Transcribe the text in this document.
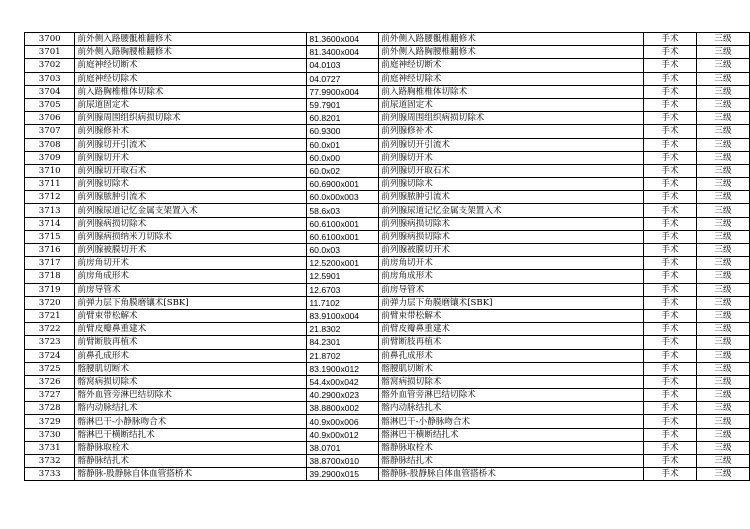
3700	前外侧入路腰骶椎翻修术	81.3600x004	前外侧入路腰骶椎翻修术	手术	三级
3701	前外侧入路胸腰椎翻修术	81.3400x004	前外侧入路胸腰椎翻修术	手术	三级
3702	前庭神经切断术	04.0103	前庭神经切断术	手术	三级
3703	前庭神经切除术	04.0727	前庭神经切除术	手术	三级
3704	前入路胸椎椎体切除术	77.9900x004	前入路胸椎椎体切除术	手术	三级
3705	前尿道固定术	59.7901	前尿道固定术	手术	三级
3706	前列腺周围组织病损切除术	60.8201	前列腺周围组织病损切除术	手术	三级
3707	前列腺修补术	60.9300	前列腺修补术	手术	三级
3708	前列腺切开引流术	60.0x01	前列腺切开引流术	手术	三级
3709	前列腺切开术	60.0x00	前列腺切开术	手术	三级
3710	前列腺切开取石术	60.0x02	前列腺切开取石术	手术	三级
3711	前列腺切除术	60.6900x001	前列腺切除术	手术	三级
3712	前列腺脓肿引流术	60.0x00x003	前列腺脓肿引流术	手术	三级
3713	前列腺尿道记忆金属支架置入术	58.6x03	前列腺尿道记忆金属支架置入术	手术	三级
3714	前列腺病损切除术	60.6100x001	前列腺病损切除术	手术	三级
3715	前列腺病损纳米刀切除术	60.6100x001	前列腺病损切除术	手术	三级
3716	前列腺被膜切开术	60.0x03	前列腺被膜切开术	手术	三级
3717	前房角切开术	12.5200x001	前房角切开术	手术	三级
3718	前房角成形术	12.5901	前房角成形术	手术	三级
3719	前房导管术	12.6703	前房导管术	手术	三级
3720	前弹力层下角膜磨镶术[SBK]	11.7102	前弹力层下角膜磨镶术[SBK]	手术	三级
3721	前臂束带松解术	83.9100x004	前臂束带松解术	手术	三级
3722	前臂皮瓣鼻重建术	21.8302	前臂皮瓣鼻重建术	手术	三级
3723	前臂断肢再植术	84.2301	前臂断肢再植术	手术	三级
3724	前鼻孔成形术	21.8702	前鼻孔成形术	手术	三级
3725	髂腰肌切断术	83.1900x012	髂腰肌切断术	手术	三级
3726	髂窝病损切除术	54.4x00x042	髂窝病损切除术	手术	三级
3727	髂外血管旁淋巴结切除术	40.2900x023	髂外血管旁淋巴结切除术	手术	三级
3728	髂内动脉结扎术	38.8800x002	髂内动脉结扎术	手术	三级
3729	髂淋巴干-小静脉吻合术	40.9x00x006	髂淋巴干-小静脉吻合术	手术	三级
3730	髂淋巴干横断结扎术	40.9x00x012	髂淋巴干横断结扎术	手术	三级
3731	髂静脉取栓术	38.0701	髂静脉取栓术	手术	三级
3732	髂静脉结扎术	38.8700x010	髂静脉结扎术	手术	三级
3733	髂静脉-股静脉自体血管搭桥术	39.2900x015	髂静脉-股静脉自体血管搭桥术	手术	三级
